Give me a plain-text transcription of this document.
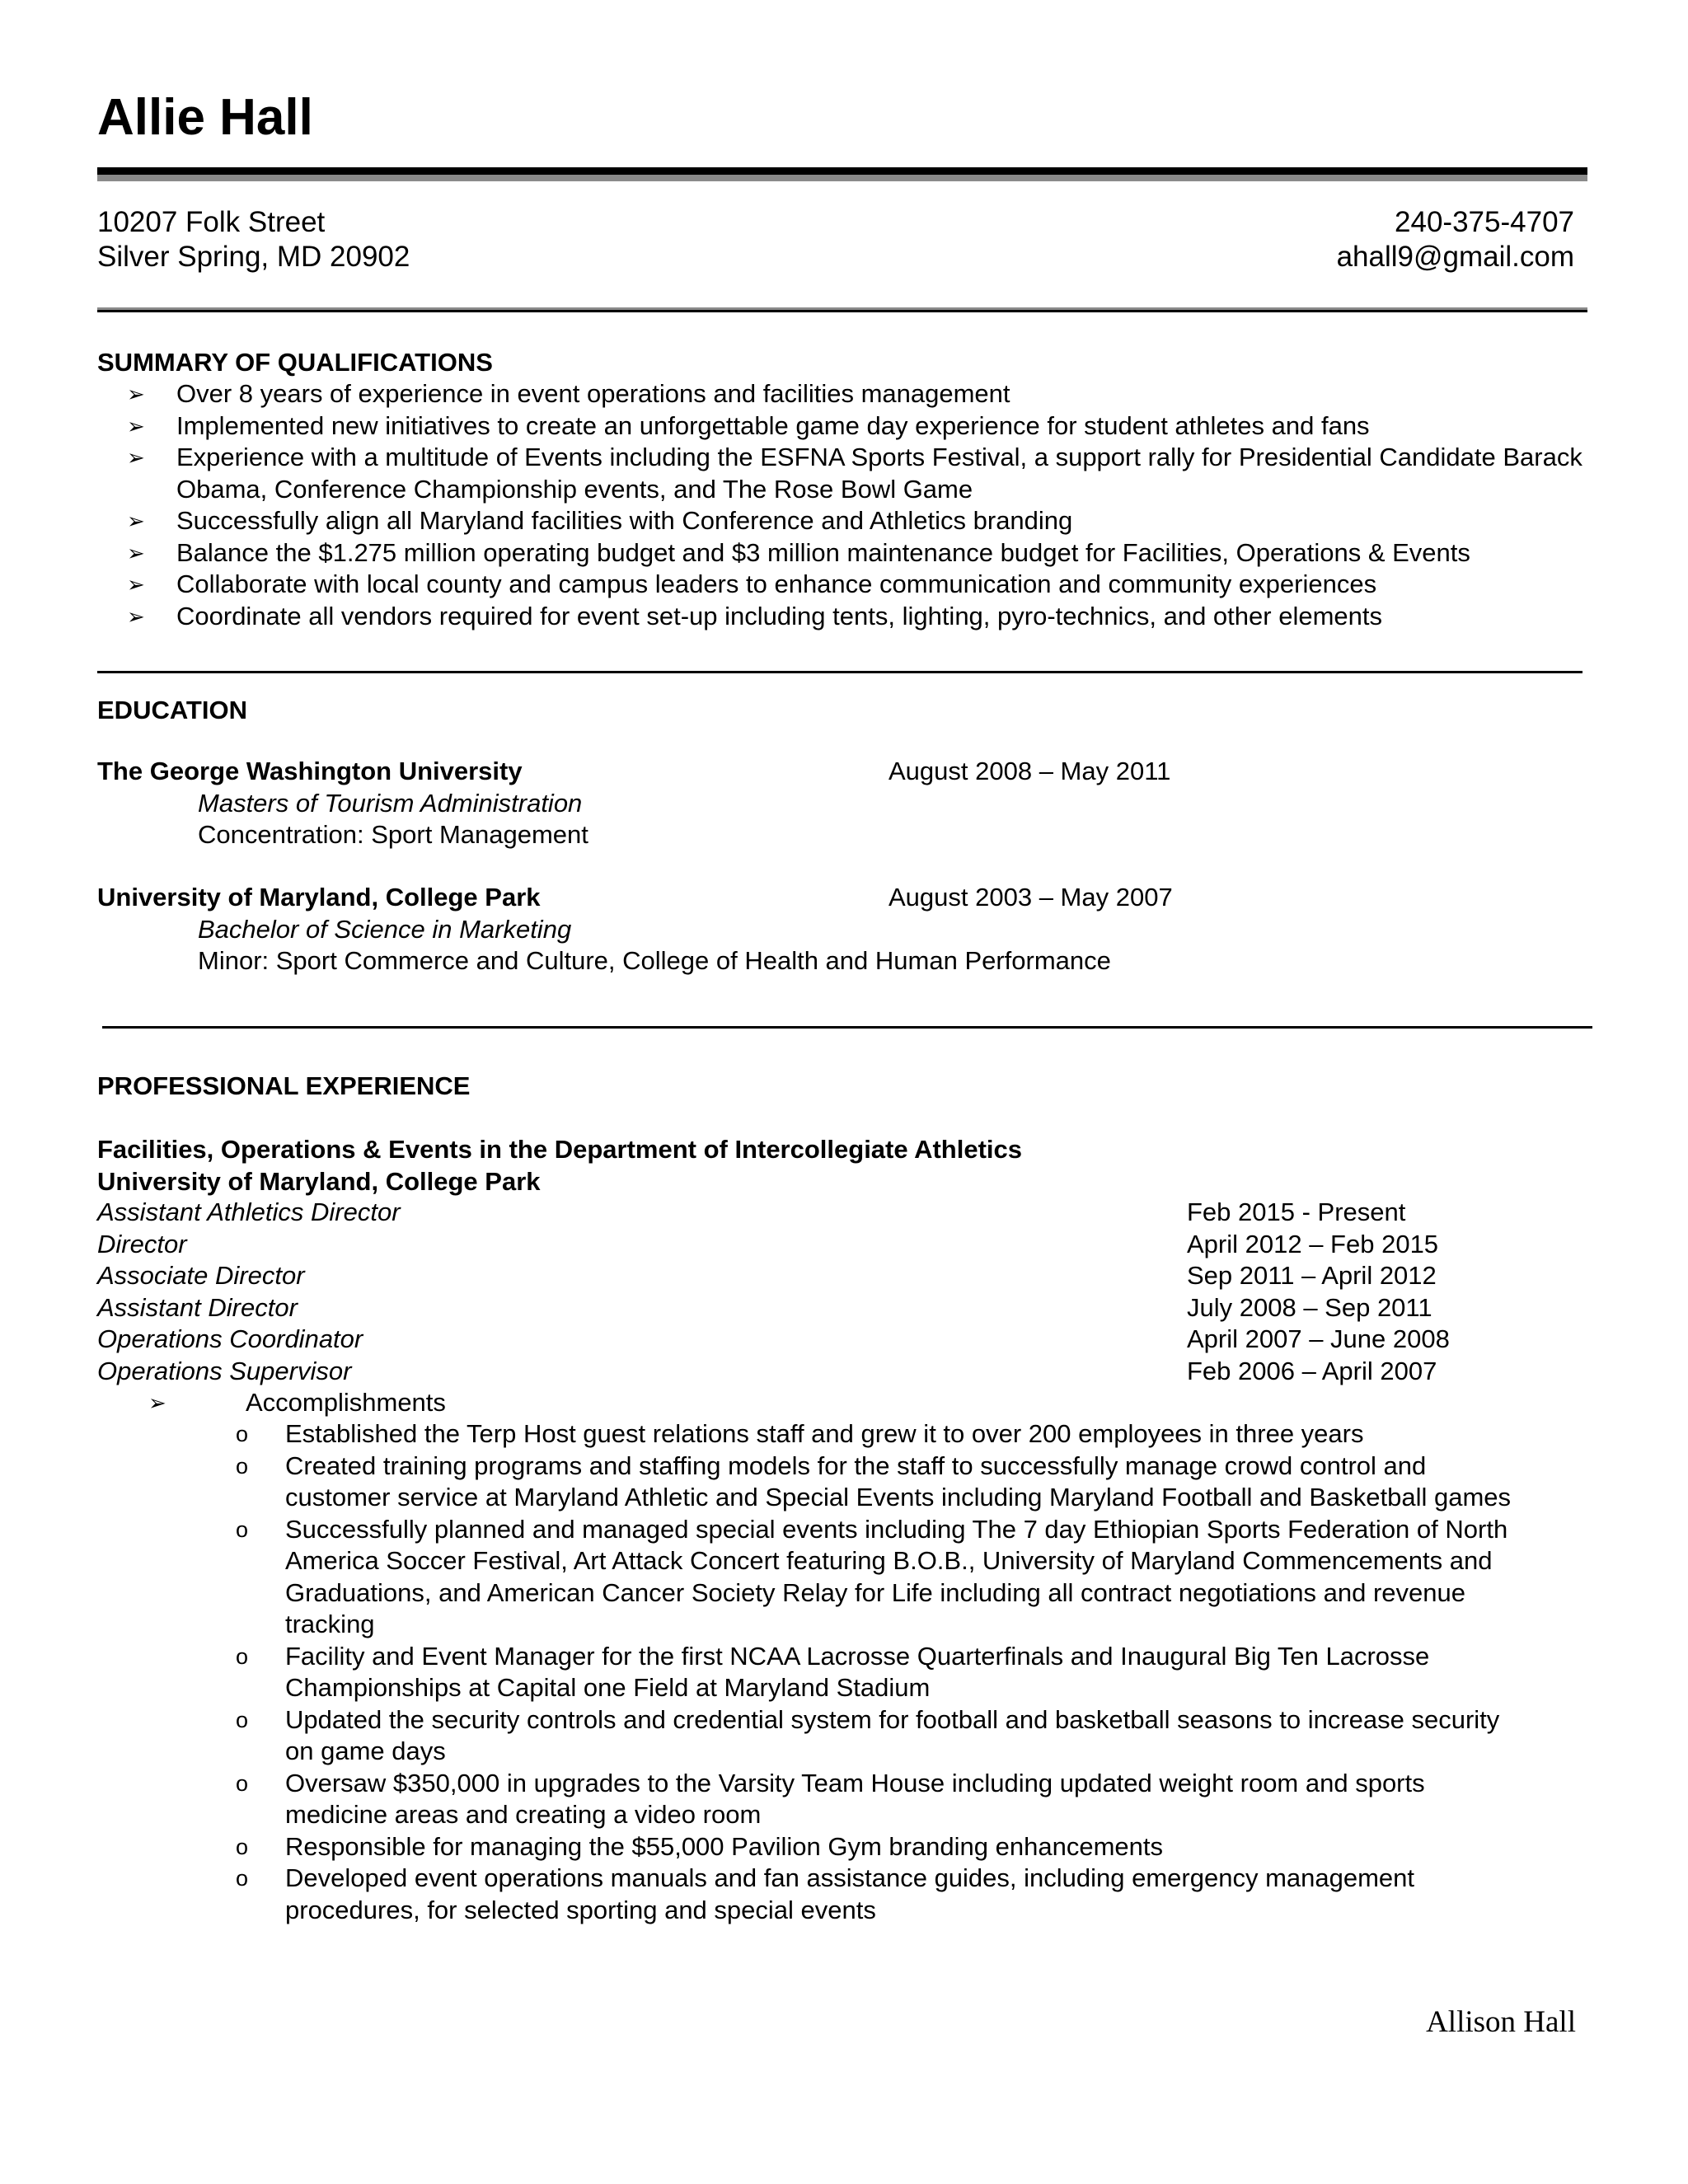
Allie Hall
10207 Folk Street
Silver Spring, MD 20902
240-375-4707
ahall9@gmail.com
SUMMARY OF QUALIFICATIONS
➢ Over 8 years of experience in event operations and facilities management
➢ Implemented new initiatives to create an unforgettable game day experience for student athletes and fans
➢ Experience with a multitude of Events including the ESFNA Sports Festival, a support rally for Presidential Candidate Barack Obama, Conference Championship events, and The Rose Bowl Game
➢ Successfully align all Maryland facilities with Conference and Athletics branding
➢ Balance the $1.275 million operating budget and $3 million maintenance budget for Facilities, Operations & Events
➢ Collaborate with local county and campus leaders to enhance communication and community experiences
➢ Coordinate all vendors required for event set-up including tents, lighting, pyro-technics, and other elements
EDUCATION
The George Washington University	August 2008 – May 2011
Masters of Tourism Administration
Concentration: Sport Management
University of Maryland, College Park	August 2003 – May 2007
Bachelor of Science in Marketing
Minor: Sport Commerce and Culture, College of Health and Human Performance
PROFESSIONAL EXPERIENCE
Facilities, Operations & Events in the Department of Intercollegiate Athletics
University of Maryland, College Park
Assistant Athletics Director	Feb 2015 - Present
Director	April 2012 – Feb 2015
Associate Director	Sep 2011 – April 2012
Assistant Director	July 2008 – Sep 2011
Operations Coordinator	April 2007 – June 2008
Operations Supervisor	Feb 2006 – April 2007
➢	Accomplishments
o Established the Terp Host guest relations staff and grew it to over 200 employees in three years
o Created training programs and staffing models for the staff to successfully manage crowd control and customer service at Maryland Athletic and Special Events including Maryland Football and Basketball games
o Successfully planned and managed special events including The 7 day Ethiopian Sports Federation of North America Soccer Festival, Art Attack Concert featuring B.O.B., University of Maryland Commencements and Graduations, and American Cancer Society Relay for Life including all contract negotiations and revenue tracking
o Facility and Event Manager for the first NCAA Lacrosse Quarterfinals and Inaugural Big Ten Lacrosse Championships at Capital one Field at Maryland Stadium
o Updated the security controls and credential system for football and basketball seasons to increase security on game days
o Oversaw $350,000 in upgrades to the Varsity Team House including updated weight room and sports medicine areas and creating a video room
o Responsible for managing the $55,000 Pavilion Gym branding enhancements
o Developed event operations manuals and fan assistance guides, including emergency management procedures, for selected sporting and special events
Allison Hall
